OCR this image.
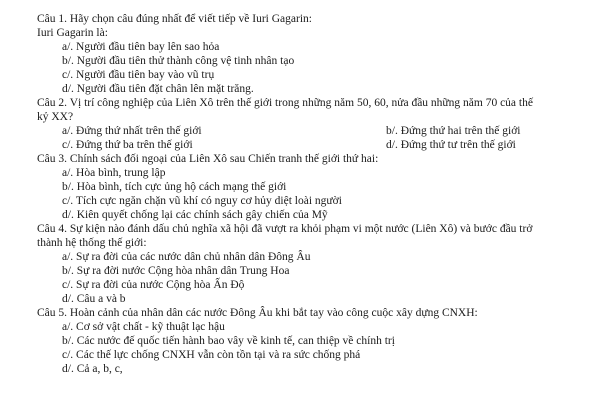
Câu 1. Hãy chọn câu đúng nhất để viết tiếp về Iuri Gagarin:
Iuri Gagarin là:
a/. Người đầu tiên bay lên sao hỏa
b/. Người đầu tiên thử thành công vệ tinh nhân tạo
c/. Người đầu tiên bay vào vũ trụ
d/. Người đầu tiên đặt chân lên mặt trăng.
Câu 2. Vị trí công nghiệp của Liên Xô trên thế giới trong những năm 50, 60, nửa đầu những năm 70 của thế
kỷ XX?
a/. Đứng thứ nhất trên thế giới	b/. Đứng thứ hai trên thế giới
c/. Đứng thứ ba trên thế giới	d/. Đứng thứ tư trên thế giới
Câu 3. Chính sách đối ngoại của Liên Xô sau Chiến tranh thế giới thứ hai:
a/. Hòa bình, trung lập
b/. Hòa bình, tích cực ủng hộ cách mạng thế giới
c/. Tích cực ngăn chặn vũ khí có nguy cơ hủy diệt loài người
d/. Kiên quyết chống lại các chính sách gây chiến của Mỹ
Câu 4. Sự kiện nào đánh dấu chủ nghĩa xã hội đã vượt ra khỏi phạm vi một nước (Liên Xô) và bước đầu trở
thành hệ thống thế giới:
a/. Sự ra đời của các nước dân chủ nhân dân Đông Âu
b/. Sự ra đời nước Cộng hòa nhân dân Trung Hoa
c/. Sự ra đời của nước Cộng hòa Ấn Độ
d/. Câu a và b
Câu 5. Hoàn cảnh của nhân dân các nước Đông Âu khi bắt tay vào công cuộc xây dựng CNXH:
a/. Cơ sở vật chất - kỹ thuật lạc hậu
b/. Các nước đế quốc tiến hành bao vây về kinh tế, can thiệp về chính trị
c/. Các thế lực chống CNXH vẫn còn tồn tại và ra sức chống phá
d/. Cả a, b, c,
